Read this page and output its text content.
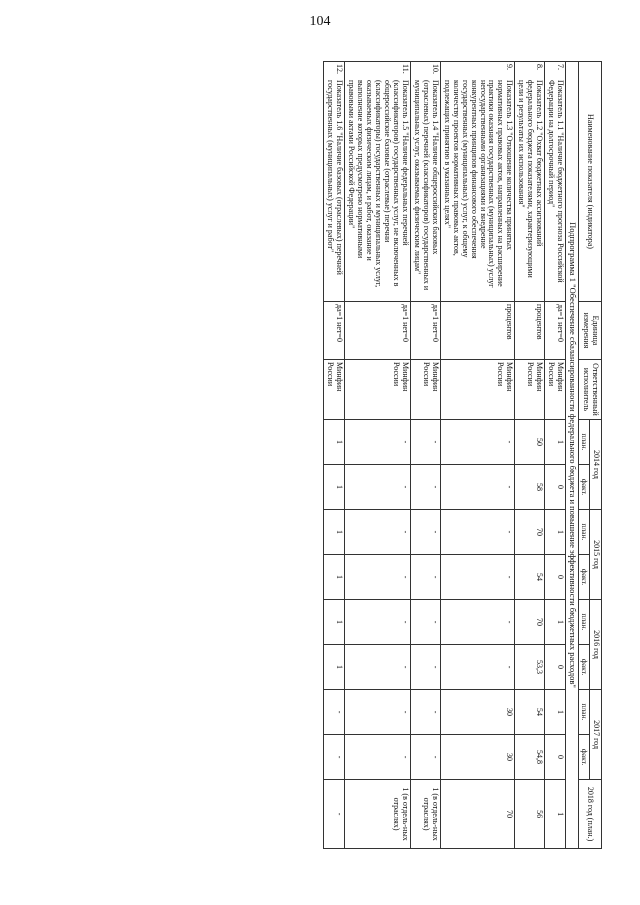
104
Наименование показателя (индикатора)	Единица измерения	Ответственный исполнитель	2014 год		2015 год		2016 год		2017 год		2018 год (план.)
			план.	факт.	план.	факт.	план.	факт.	план.	факт.	
Подпрограмма 1 "Обеспечение сбалансированности федерального бюджета и повышение эффективности бюджетных расходов"											
7.Показатель 1.1 "Наличие бюджетного прогноза Российской Федерации на долгосрочный период"	да=1 нет=0	Минфин России	1	0	1	0	1	0	1	0	1
8.Показатель 1.2 "Охват бюджетных ассигнований федерального бюджета показателями, характеризующими цели и результаты их использования"	процентов	Минфин России	50	58	70	54	70	53,3	54	54,8	56
9.Показатель 1.3 "Отношение количества принятых нормативных правовых актов, направленных на расширение практики оказания государственных (муниципальных) услуг негосударственными организациями и внедрение конкурентных принципов финансового обеспечения государственных (муниципальных) услуг, к общему количеству проектов нормативных правовых актов, подлежащих принятию в указанных целях"	процентов	Минфин России	-	-	-	-	-	-	30	30	70
10.Показатель 1.4 "Наличие общероссийских базовых (отраслевых) перечней (классификаторов) государственных и муниципальных услуг, оказываемых физическим лицам"	да=1 нет=0	Минфин России	-	-	-	-	-	-	-	-	1 (в отдель-ных отраслях)
11.Показатель 1.5 "Наличие федеральных перечней (классификаторов) государственных услуг, не включенных в общероссийские базовые (отраслевые) перечни (классификаторы) государственных и муниципальных услуг, оказываемых физическим лицам, и работ, оказание и выполнение которых предусмотрено нормативными правовыми актами Российской Федерации"	да=1 нет=0	Минфин России	-	-	-	-	-	-	-	-	1 (в отдель-ных отраслях)
12.Показатель 1.6 "Наличие базовых (отраслевых) перечней государственных (муниципальных) услуг и работ"	да=1 нет=0	Минфин России	1	1	1	1	1	1	-	-	-
